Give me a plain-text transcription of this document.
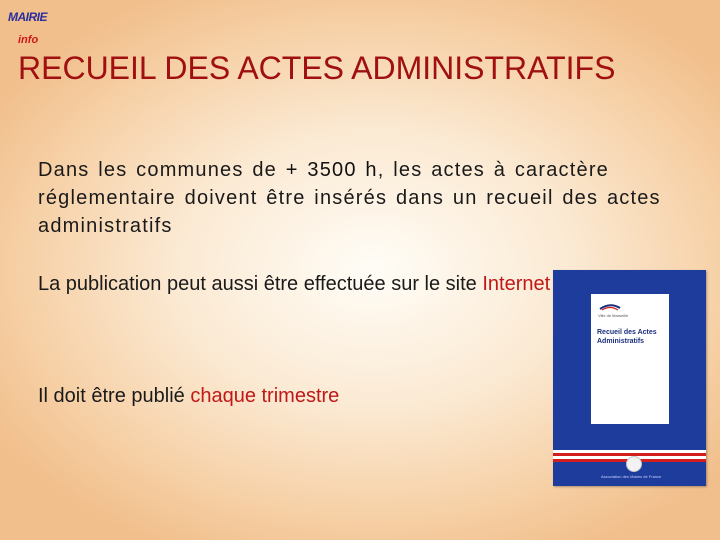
MAIRIE
info
RECUEIL DES ACTES ADMINISTRATIFS
Dans les communes de + 3500 h, les actes à caractère réglementaire doivent être insérés dans un recueil des actes administratifs
La publication peut aussi être effectuée sur le site Internet
Il doit être publié chaque trimestre
Ville de Marseille
Recueil des Actes Administratifs
Association des Maires de France
